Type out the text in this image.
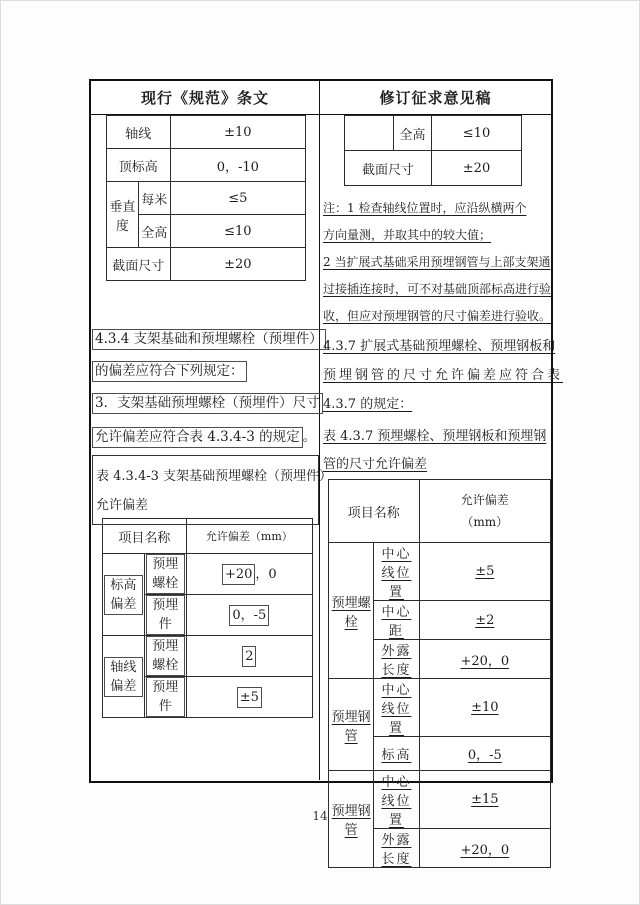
现行《规范》条文	修订征求意见稿
轴线		±10
顶标高		0，-10
垂直度	每米	≤5
	全高	≤10
截面尺寸		±20
4.3.4 支架基础和预埋螺栓（预埋件）
的偏差应符合下列规定：
3．支架基础预埋螺栓（预埋件）尺寸
允许偏差应符合表 4.3.4-3 的规定 。
表 4.3.4-3 支架基础预埋螺栓（预埋件）
允许偏差
项目名称		允许偏差（mm）
标高偏差	预埋螺栓	+20 ，0
	预埋件	0，-5
轴线偏差	预埋螺栓	2
	预埋件	±5
	全高	≤10
截面尺寸		±20
注：1 检查轴线位置时，应沿纵横两个
方向量测，并取其中的较大值；
2 当扩展式基础采用预埋钢管与上部支架通
过接插连接时，可不对基础顶部标高进行验
收，但应对预埋钢管的尺寸偏差进行验收。
4.3.7 扩展式基础预埋螺栓、预埋钢板和
预埋钢管的尺寸允许偏差应符合表
4.3.7 的规定：
表 4.3.7 预埋螺栓、预埋钢板和预埋钢
管的尺寸允许偏差
项目名称		允许偏差
（mm）

预埋螺栓	中心线位置	±5
	中心距	±2
	外露长度	+20，0
预埋钢管	中心线位置	±10
	标高	0，-5
预埋钢管	中心线位置	±15
	外露长度	+20，0
14
